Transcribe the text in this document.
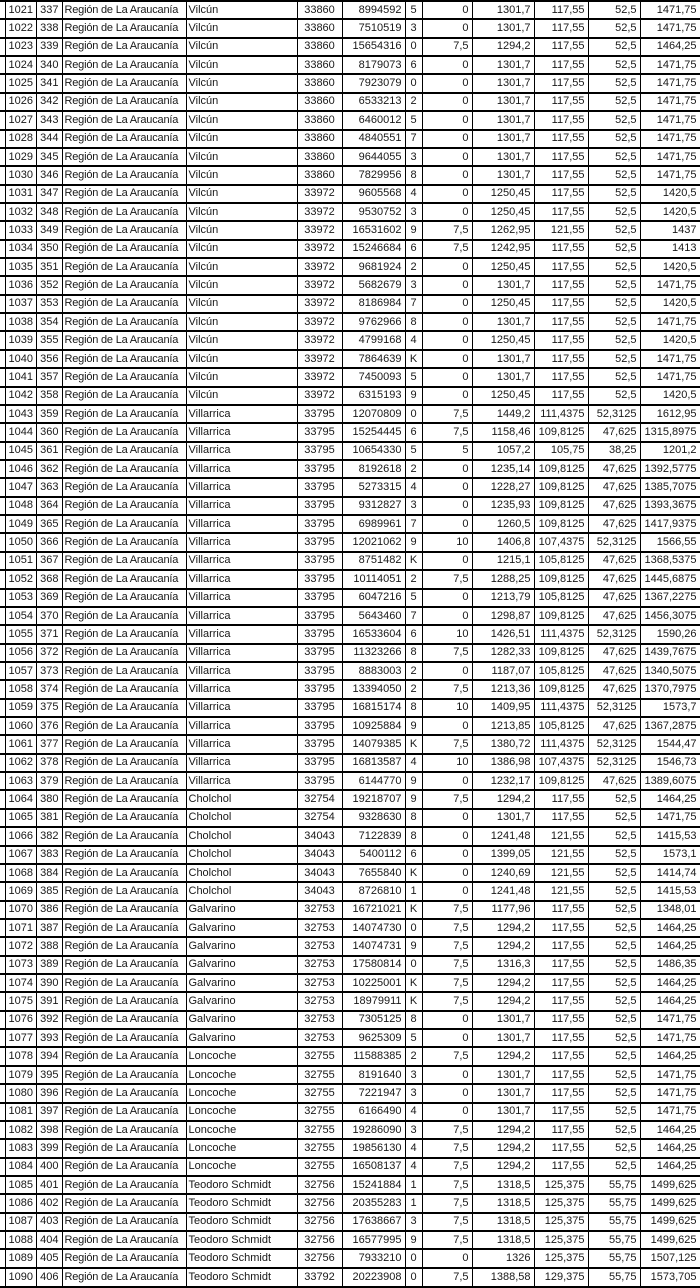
	1021	337	Región de La Araucanía	Vilcún	33860	8994592	5	0	1301,7	117,55	52,5	1471,75
	1022	338	Región de La Araucanía	Vilcún	33860	7510519	3	0	1301,7	117,55	52,5	1471,75
	1023	339	Región de La Araucanía	Vilcún	33860	15654316	0	7,5	1294,2	117,55	52,5	1464,25
	1024	340	Región de La Araucanía	Vilcún	33860	8179073	6	0	1301,7	117,55	52,5	1471,75
	1025	341	Región de La Araucanía	Vilcún	33860	7923079	0	0	1301,7	117,55	52,5	1471,75
	1026	342	Región de La Araucanía	Vilcún	33860	6533213	2	0	1301,7	117,55	52,5	1471,75
	1027	343	Región de La Araucanía	Vilcún	33860	6460012	5	0	1301,7	117,55	52,5	1471,75
	1028	344	Región de La Araucanía	Vilcún	33860	4840551	7	0	1301,7	117,55	52,5	1471,75
	1029	345	Región de La Araucanía	Vilcún	33860	9644055	3	0	1301,7	117,55	52,5	1471,75
	1030	346	Región de La Araucanía	Vilcún	33860	7829956	8	0	1301,7	117,55	52,5	1471,75
	1031	347	Región de La Araucanía	Vilcún	33972	9605568	4	0	1250,45	117,55	52,5	1420,5
	1032	348	Región de La Araucanía	Vilcún	33972	9530752	3	0	1250,45	117,55	52,5	1420,5
	1033	349	Región de La Araucanía	Vilcún	33972	16531602	9	7,5	1262,95	121,55	52,5	1437
	1034	350	Región de La Araucanía	Vilcún	33972	15246684	6	7,5	1242,95	117,55	52,5	1413
	1035	351	Región de La Araucanía	Vilcún	33972	9681924	2	0	1250,45	117,55	52,5	1420,5
	1036	352	Región de La Araucanía	Vilcún	33972	5682679	3	0	1301,7	117,55	52,5	1471,75
	1037	353	Región de La Araucanía	Vilcún	33972	8186984	7	0	1250,45	117,55	52,5	1420,5
	1038	354	Región de La Araucanía	Vilcún	33972	9762966	8	0	1301,7	117,55	52,5	1471,75
	1039	355	Región de La Araucanía	Vilcún	33972	4799168	4	0	1250,45	117,55	52,5	1420,5
	1040	356	Región de La Araucanía	Vilcún	33972	7864639	K	0	1301,7	117,55	52,5	1471,75
	1041	357	Región de La Araucanía	Vilcún	33972	7450093	5	0	1301,7	117,55	52,5	1471,75
	1042	358	Región de La Araucanía	Vilcún	33972	6315193	9	0	1250,45	117,55	52,5	1420,5
	1043	359	Región de La Araucanía	Villarrica	33795	12070809	0	7,5	1449,2	111,4375	52,3125	1612,95
	1044	360	Región de La Araucanía	Villarrica	33795	15254445	6	7,5	1158,46	109,8125	47,625	1315,8975
	1045	361	Región de La Araucanía	Villarrica	33795	10654330	5	5	1057,2	105,75	38,25	1201,2
	1046	362	Región de La Araucanía	Villarrica	33795	8192618	2	0	1235,14	109,8125	47,625	1392,5775
	1047	363	Región de La Araucanía	Villarrica	33795	5273315	4	0	1228,27	109,8125	47,625	1385,7075
	1048	364	Región de La Araucanía	Villarrica	33795	9312827	3	0	1235,93	109,8125	47,625	1393,3675
	1049	365	Región de La Araucanía	Villarrica	33795	6989961	7	0	1260,5	109,8125	47,625	1417,9375
	1050	366	Región de La Araucanía	Villarrica	33795	12021062	9	10	1406,8	107,4375	52,3125	1566,55
	1051	367	Región de La Araucanía	Villarrica	33795	8751482	K	0	1215,1	105,8125	47,625	1368,5375
	1052	368	Región de La Araucanía	Villarrica	33795	10114051	2	7,5	1288,25	109,8125	47,625	1445,6875
	1053	369	Región de La Araucanía	Villarrica	33795	6047216	5	0	1213,79	105,8125	47,625	1367,2275
	1054	370	Región de La Araucanía	Villarrica	33795	5643460	7	0	1298,87	109,8125	47,625	1456,3075
	1055	371	Región de La Araucanía	Villarrica	33795	16533604	6	10	1426,51	111,4375	52,3125	1590,26
	1056	372	Región de La Araucanía	Villarrica	33795	11323266	8	7,5	1282,33	109,8125	47,625	1439,7675
	1057	373	Región de La Araucanía	Villarrica	33795	8883003	2	0	1187,07	105,8125	47,625	1340,5075
	1058	374	Región de La Araucanía	Villarrica	33795	13394050	2	7,5	1213,36	109,8125	47,625	1370,7975
	1059	375	Región de La Araucanía	Villarrica	33795	16815174	8	10	1409,95	111,4375	52,3125	1573,7
	1060	376	Región de La Araucanía	Villarrica	33795	10925884	9	0	1213,85	105,8125	47,625	1367,2875
	1061	377	Región de La Araucanía	Villarrica	33795	14079385	K	7,5	1380,72	111,4375	52,3125	1544,47
	1062	378	Región de La Araucanía	Villarrica	33795	16813587	4	10	1386,98	107,4375	52,3125	1546,73
	1063	379	Región de La Araucanía	Villarrica	33795	6144770	9	0	1232,17	109,8125	47,625	1389,6075
	1064	380	Región de La Araucanía	Cholchol	32754	19218707	9	7,5	1294,2	117,55	52,5	1464,25
	1065	381	Región de La Araucanía	Cholchol	32754	9328630	8	0	1301,7	117,55	52,5	1471,75
	1066	382	Región de La Araucanía	Cholchol	34043	7122839	8	0	1241,48	121,55	52,5	1415,53
	1067	383	Región de La Araucanía	Cholchol	34043	5400112	6	0	1399,05	121,55	52,5	1573,1
	1068	384	Región de La Araucanía	Cholchol	34043	7655840	K	0	1240,69	121,55	52,5	1414,74
	1069	385	Región de La Araucanía	Cholchol	34043	8726810	1	0	1241,48	121,55	52,5	1415,53
	1070	386	Región de La Araucanía	Galvarino	32753	16721021	K	7,5	1177,96	117,55	52,5	1348,01
	1071	387	Región de La Araucanía	Galvarino	32753	14074730	0	7,5	1294,2	117,55	52,5	1464,25
	1072	388	Región de La Araucanía	Galvarino	32753	14074731	9	7,5	1294,2	117,55	52,5	1464,25
	1073	389	Región de La Araucanía	Galvarino	32753	17580814	0	7,5	1316,3	117,55	52,5	1486,35
	1074	390	Región de La Araucanía	Galvarino	32753	10225001	K	7,5	1294,2	117,55	52,5	1464,25
	1075	391	Región de La Araucanía	Galvarino	32753	18979911	K	7,5	1294,2	117,55	52,5	1464,25
	1076	392	Región de La Araucanía	Galvarino	32753	7305125	8	0	1301,7	117,55	52,5	1471,75
	1077	393	Región de La Araucanía	Galvarino	32753	9625309	5	0	1301,7	117,55	52,5	1471,75
	1078	394	Región de La Araucanía	Loncoche	32755	11588385	2	7,5	1294,2	117,55	52,5	1464,25
	1079	395	Región de La Araucanía	Loncoche	32755	8191640	3	0	1301,7	117,55	52,5	1471,75
	1080	396	Región de La Araucanía	Loncoche	32755	7221947	3	0	1301,7	117,55	52,5	1471,75
	1081	397	Región de La Araucanía	Loncoche	32755	6166490	4	0	1301,7	117,55	52,5	1471,75
	1082	398	Región de La Araucanía	Loncoche	32755	19286090	3	7,5	1294,2	117,55	52,5	1464,25
	1083	399	Región de La Araucanía	Loncoche	32755	19856130	4	7,5	1294,2	117,55	52,5	1464,25
	1084	400	Región de La Araucanía	Loncoche	32755	16508137	4	7,5	1294,2	117,55	52,5	1464,25
	1085	401	Región de La Araucanía	Teodoro Schmidt	32756	15241884	1	7,5	1318,5	125,375	55,75	1499,625
	1086	402	Región de La Araucanía	Teodoro Schmidt	32756	20355283	1	7,5	1318,5	125,375	55,75	1499,625
	1087	403	Región de La Araucanía	Teodoro Schmidt	32756	17638667	3	7,5	1318,5	125,375	55,75	1499,625
	1088	404	Región de La Araucanía	Teodoro Schmidt	32756	16577995	9	7,5	1318,5	125,375	55,75	1499,625
	1089	405	Región de La Araucanía	Teodoro Schmidt	32756	7933210	0	0	1326	125,375	55,75	1507,125
	1090	406	Región de La Araucanía	Teodoro Schmidt	33792	20223908	0	7,5	1388,58	129,375	55,75	1573,705
